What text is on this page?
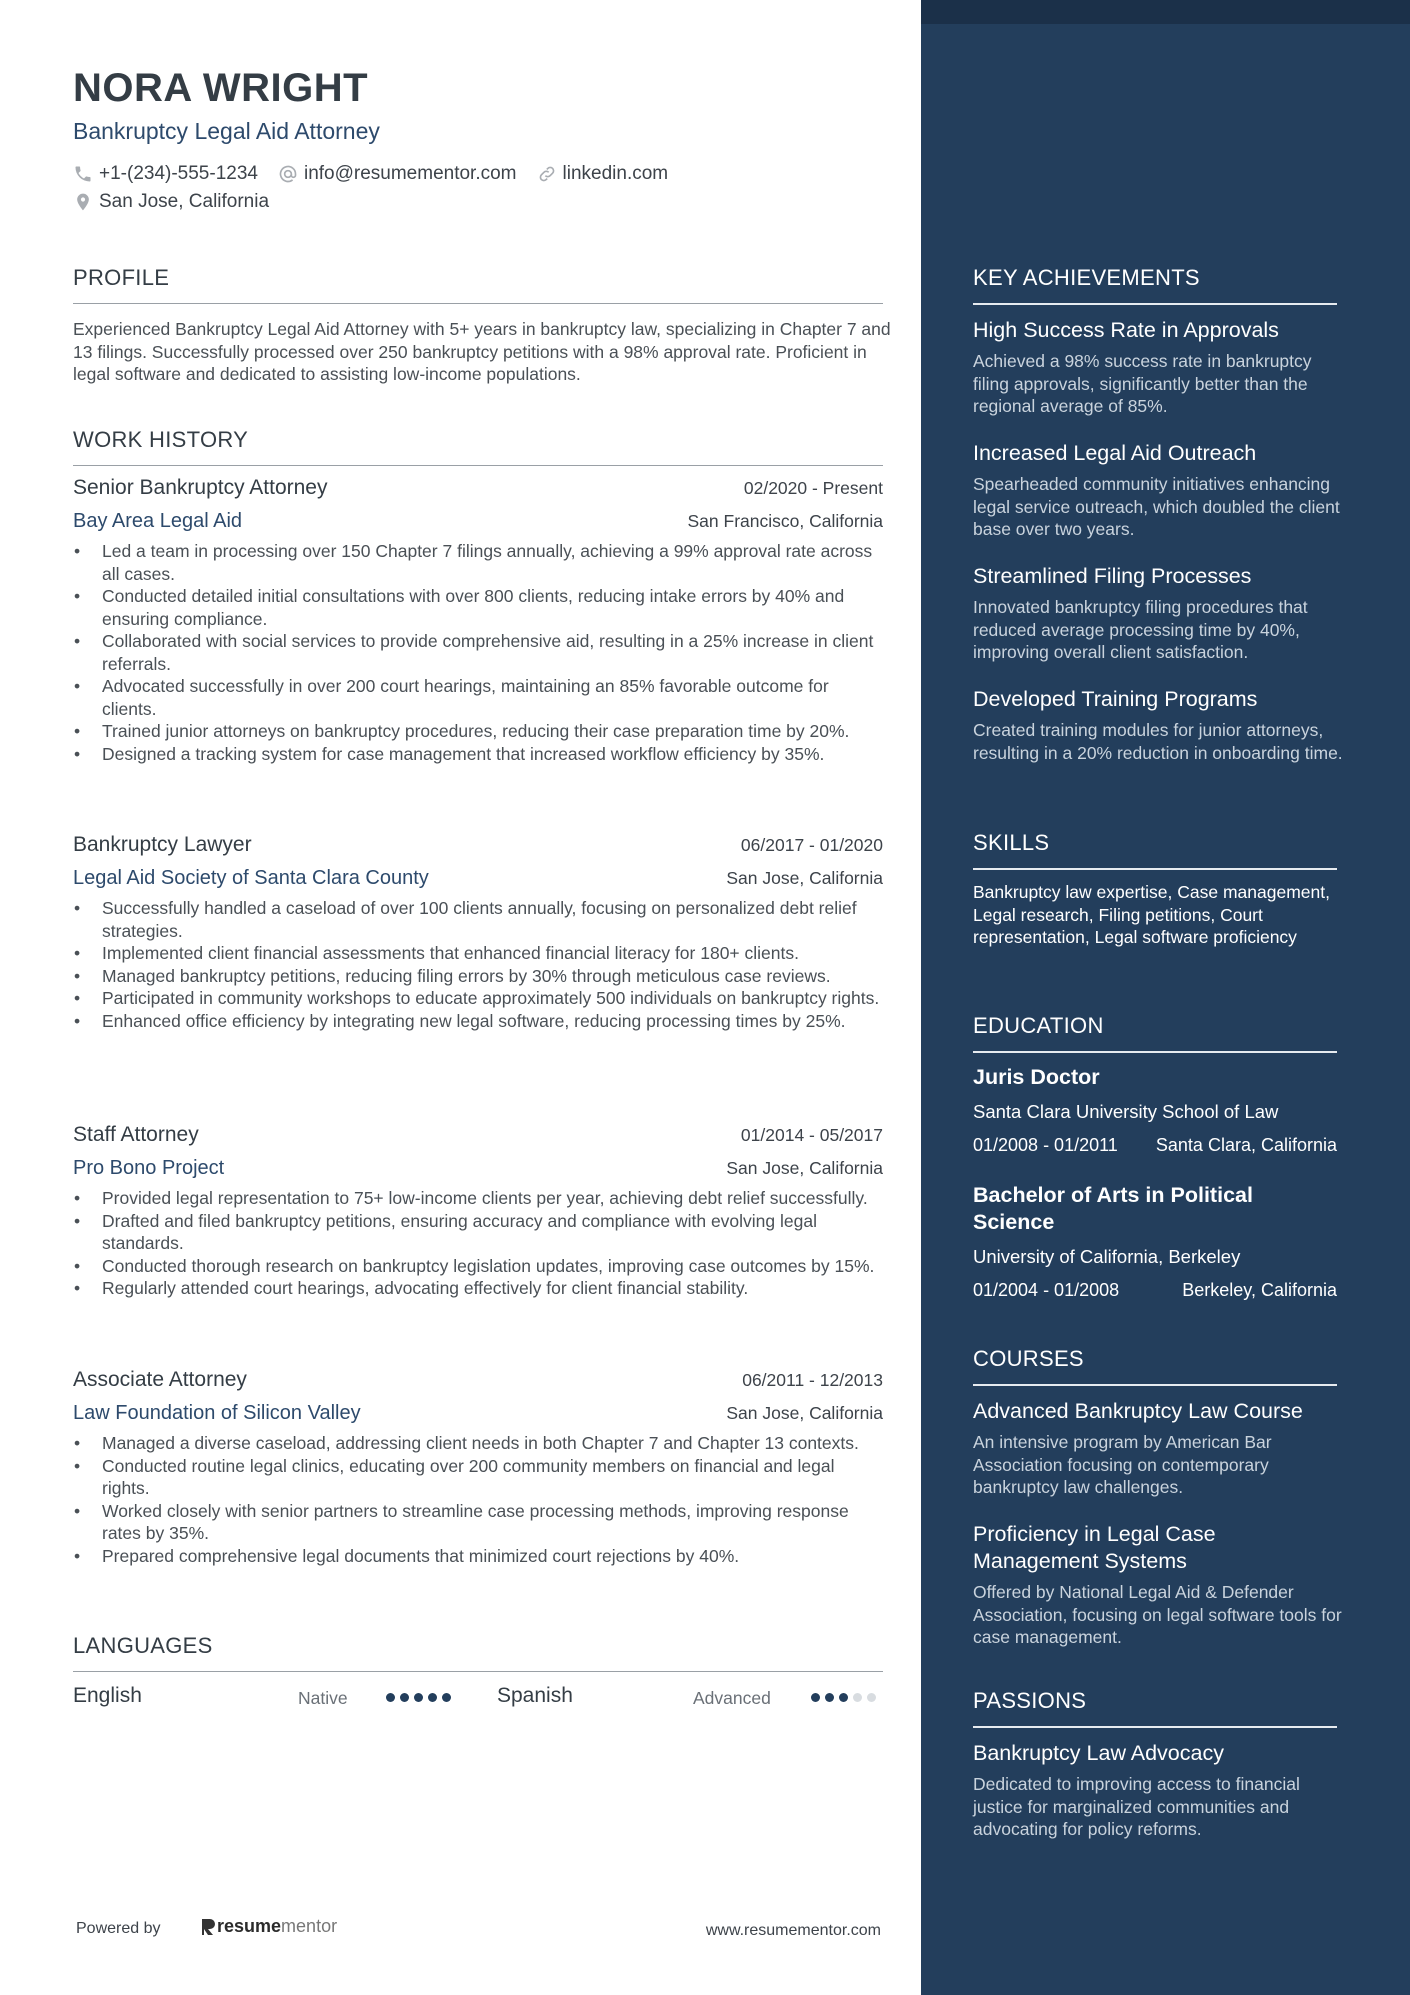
NORA WRIGHT
Bankruptcy Legal Aid Attorney
+1-(234)-555-1234 info@resumementor.com linkedin.com
San Jose, California
PROFILE
Experienced Bankruptcy Legal Aid Attorney with 5+ years in bankruptcy law, specializing in Chapter 7 and 13 filings. Successfully processed over 250 bankruptcy petitions with a 98% approval rate. Proficient in legal software and dedicated to assisting low-income populations.
WORK HISTORY
Senior Bankruptcy Attorney	02/2020 - Present
Bay Area Legal Aid	San Francisco, California
• Led a team in processing over 150 Chapter 7 filings annually, achieving a 99% approval rate across all cases.
• Conducted detailed initial consultations with over 800 clients, reducing intake errors by 40% and ensuring compliance.
• Collaborated with social services to provide comprehensive aid, resulting in a 25% increase in client referrals.
• Advocated successfully in over 200 court hearings, maintaining an 85% favorable outcome for clients.
• Trained junior attorneys on bankruptcy procedures, reducing their case preparation time by 20%.
• Designed a tracking system for case management that increased workflow efficiency by 35%.
Bankruptcy Lawyer	06/2017 - 01/2020
Legal Aid Society of Santa Clara County	San Jose, California
• Successfully handled a caseload of over 100 clients annually, focusing on personalized debt relief strategies.
• Implemented client financial assessments that enhanced financial literacy for 180+ clients.
• Managed bankruptcy petitions, reducing filing errors by 30% through meticulous case reviews.
• Participated in community workshops to educate approximately 500 individuals on bankruptcy rights.
• Enhanced office efficiency by integrating new legal software, reducing processing times by 25%.
Staff Attorney	01/2014 - 05/2017
Pro Bono Project	San Jose, California
• Provided legal representation to 75+ low-income clients per year, achieving debt relief successfully.
• Drafted and filed bankruptcy petitions, ensuring accuracy and compliance with evolving legal standards.
• Conducted thorough research on bankruptcy legislation updates, improving case outcomes by 15%.
• Regularly attended court hearings, advocating effectively for client financial stability.
Associate Attorney	06/2011 - 12/2013
Law Foundation of Silicon Valley	San Jose, California
• Managed a diverse caseload, addressing client needs in both Chapter 7 and Chapter 13 contexts.
• Conducted routine legal clinics, educating over 200 community members on financial and legal rights.
• Worked closely with senior partners to streamline case processing methods, improving response rates by 35%.
• Prepared comprehensive legal documents that minimized court rejections by 40%.
LANGUAGES
English	Native	Spanish	Advanced
Powered by	resume mentor	www.resumementor.com
KEY ACHIEVEMENTS
High Success Rate in Approvals
Achieved a 98% success rate in bankruptcy filing approvals, significantly better than the regional average of 85%.
Increased Legal Aid Outreach
Spearheaded community initiatives enhancing legal service outreach, which doubled the client base over two years.
Streamlined Filing Processes
Innovated bankruptcy filing procedures that reduced average processing time by 40%, improving overall client satisfaction.
Developed Training Programs
Created training modules for junior attorneys, resulting in a 20% reduction in onboarding time.
SKILLS
Bankruptcy law expertise, Case management, Legal research, Filing petitions, Court representation, Legal software proficiency
EDUCATION
Juris Doctor
Santa Clara University School of Law
01/2008 - 01/2011 Santa Clara, California
Bachelor of Arts in Political Science
University of California, Berkeley
01/2004 - 01/2008	Berkeley, California
COURSES
Advanced Bankruptcy Law Course
An intensive program by American Bar Association focusing on contemporary bankruptcy law challenges.
Proficiency in Legal Case Management Systems
Offered by National Legal Aid & Defender Association, focusing on legal software tools for case management.
PASSIONS
Bankruptcy Law Advocacy
Dedicated to improving access to financial justice for marginalized communities and advocating for policy reforms.
